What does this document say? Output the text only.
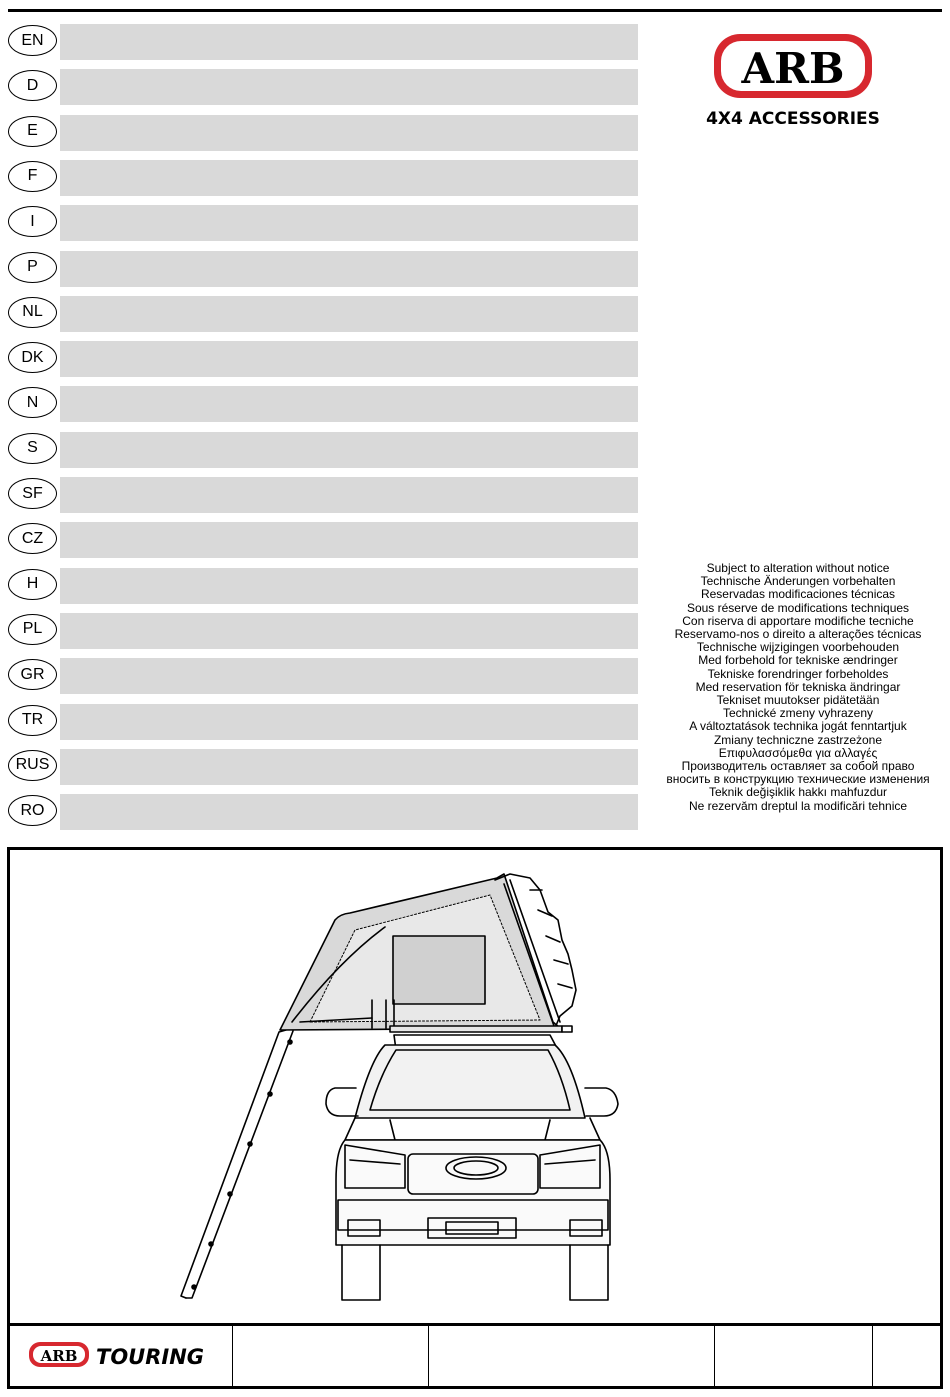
EN
D
E
F
I
P
NL
DK
N
S
SF
CZ
H
PL
GR
TR
RUS
RO
ARB
4X4 ACCESSORIES
Subject to alteration without notice
Technische Änderungen vorbehalten
Reservadas modificaciones técnicas
Sous réserve de modifications techniques
Con riserva di apportare modifiche tecniche
Reservamo-nos o direito a alterações técnicas
Technische wijzigingen voorbehouden
Med forbehold for tekniske ændringer
Tekniske forendringer forbeholdes
Med reservation för tekniska ändringar
Tekniset muutokser pidätetään
Technické zmeny vyhrazeny
A változtatások technika jogát fenntartjuk
Zmiany techniczne zastrzeżone
Επιφυλασσόμεθα για αλλαγές
Производитель оставляет за собой право
вносить в конструкцию технические изменения
Teknik değişiklik hakkı mahfuzdur
Ne rezervăm dreptul la modificări tehnice
ARB TOURING
